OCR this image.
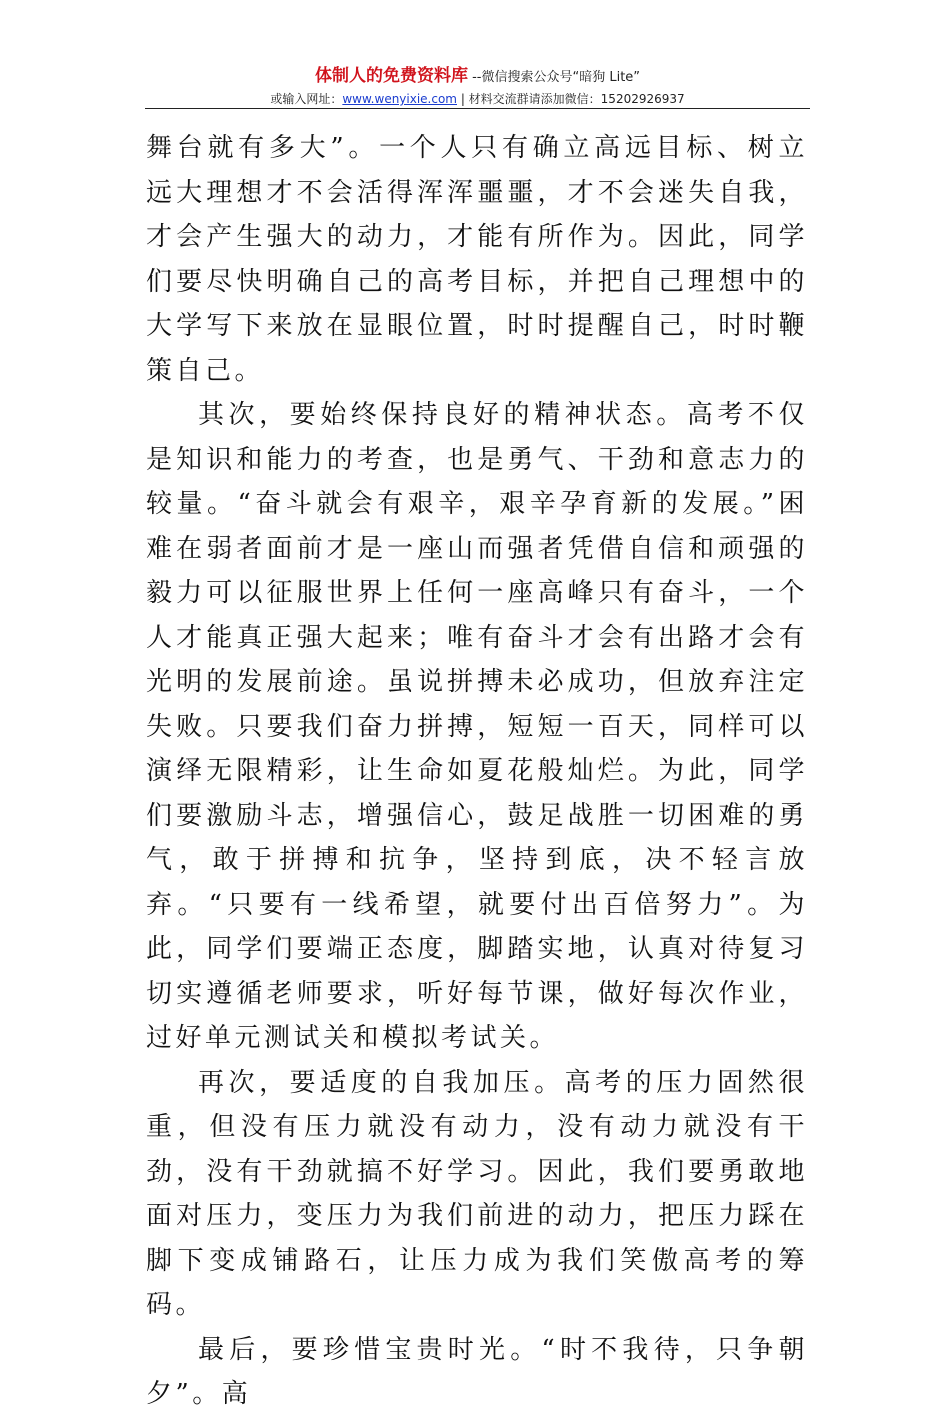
体制人的免费资料库 --微信搜索公众号“暗狗 Lite”
或输入网址：www.wenyixie.com | 材料交流群请添加微信：15202926937

舞台就有多大”。一个人只有确立高远目标、树立远大理想才不会活得浑浑噩噩，才不会迷失自我，才会产生强大的动力，才能有所作为。因此，同学们要尽快明确自己的高考目标，并把自己理想中的大学写下来放在显眼位置，时时提醒自己，时时鞭策自己。

其次，要始终保持良好的精神状态。高考不仅是知识和能力的考查，也是勇气、干劲和意志力的较量。“奋斗就会有艰辛，艰辛孕育新的发展。”困难在弱者面前才是一座山而强者凭借自信和顽强的毅力可以征服世界上任何一座高峰只有奋斗，一个人才能真正强大起来；唯有奋斗才会有出路才会有光明的发展前途。虽说拼搏未必成功，但放弃注定失败。只要我们奋力拼搏，短短一百天，同样可以演绎无限精彩，让生命如夏花般灿烂。为此，同学们要激励斗志，增强信心，鼓足战胜一切困难的勇气，敢于拼搏和抗争，坚持到底，决不轻言放弃。“只要有一线希望，就要付出百倍努力”。为此，同学们要端正态度，脚踏实地，认真对待复习切实遵循老师要求，听好每节课，做好每次作业，过好单元测试关和模拟考试关。

再次，要适度的自我加压。高考的压力固然很重，但没有压力就没有动力，没有动力就没有干劲，没有干劲就搞不好学习。因此，我们要勇敢地面对压力，变压力为我们前进的动力，把压力踩在脚下变成铺路石，让压力成为我们笑傲高考的筹码。

最后，要珍惜宝贵时光。“时不我待，只争朝夕”。高
